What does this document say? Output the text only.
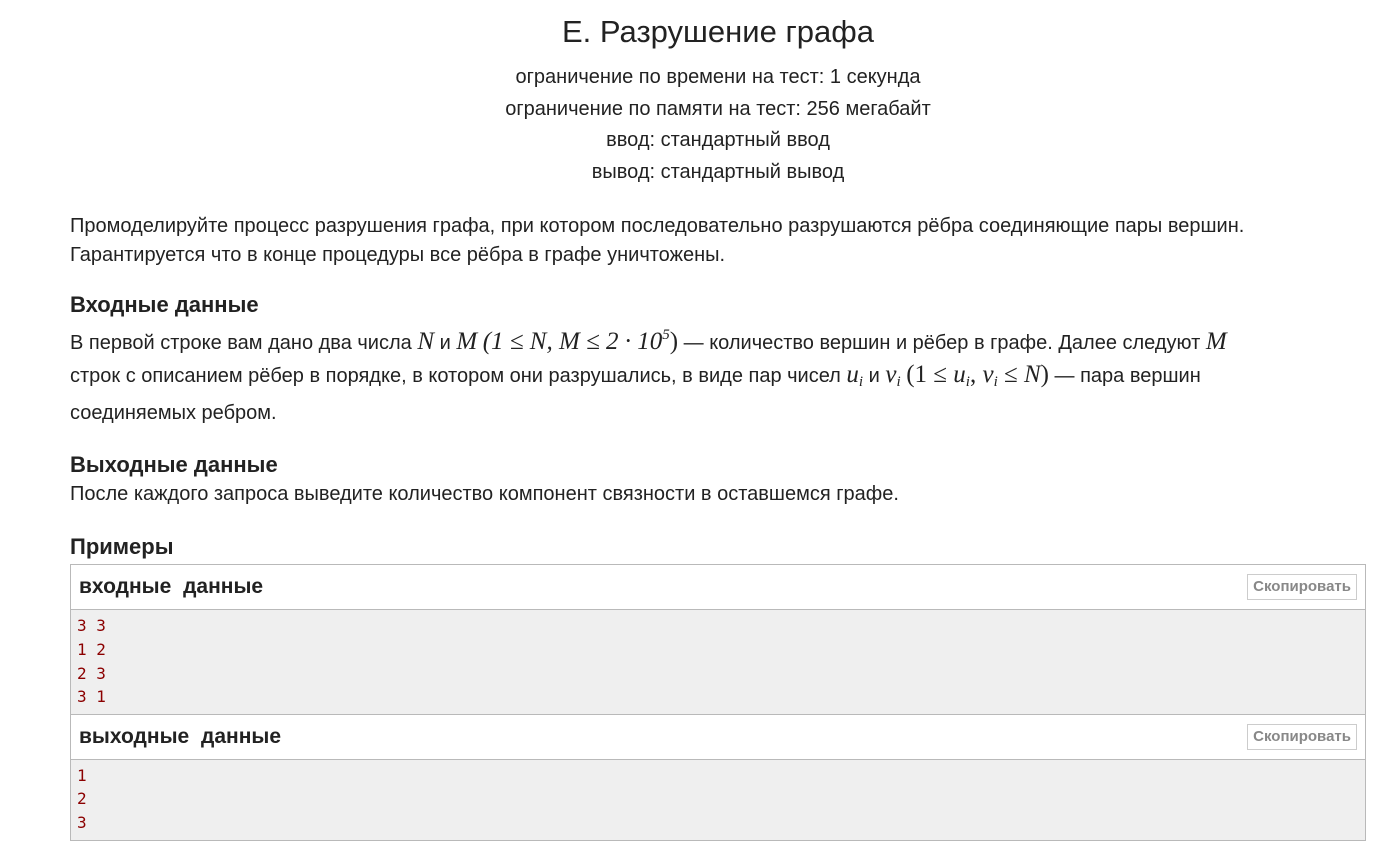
E. Разрушение графа
ограничение по времени на тест: 1 секунда
ограничение по памяти на тест: 256 мегабайт
ввод: стандартный ввод
вывод: стандартный вывод

Промоделируйте процесс разрушения графа, при котором последовательно разрушаются рёбра соединяющие пары вершин.

Гарантируется что в конце процедуры все рёбра в графе уничтожены.

Входные данные

В первой строке вам дано два числа N и M (1 ≤ N, $M \le 2 \cdot 10^5$) — количество вершин и рёбер в графе. Далее следуют M
строк с описанием рёбер в порядке, в котором они разрушались, в виде пар чисел $u_i$ и $v_i$ ($1 \le u_i$, $v_i \le N$) — пара вершин
соединяемых ребром.

Выходные данные

После каждого запроса выведите количество компонент связности в оставшемся графе.

Примеры
входные данные	Скопировать
3 3
1 2
2 3
3 1
выходные данные	Скопировать
1
2
3
